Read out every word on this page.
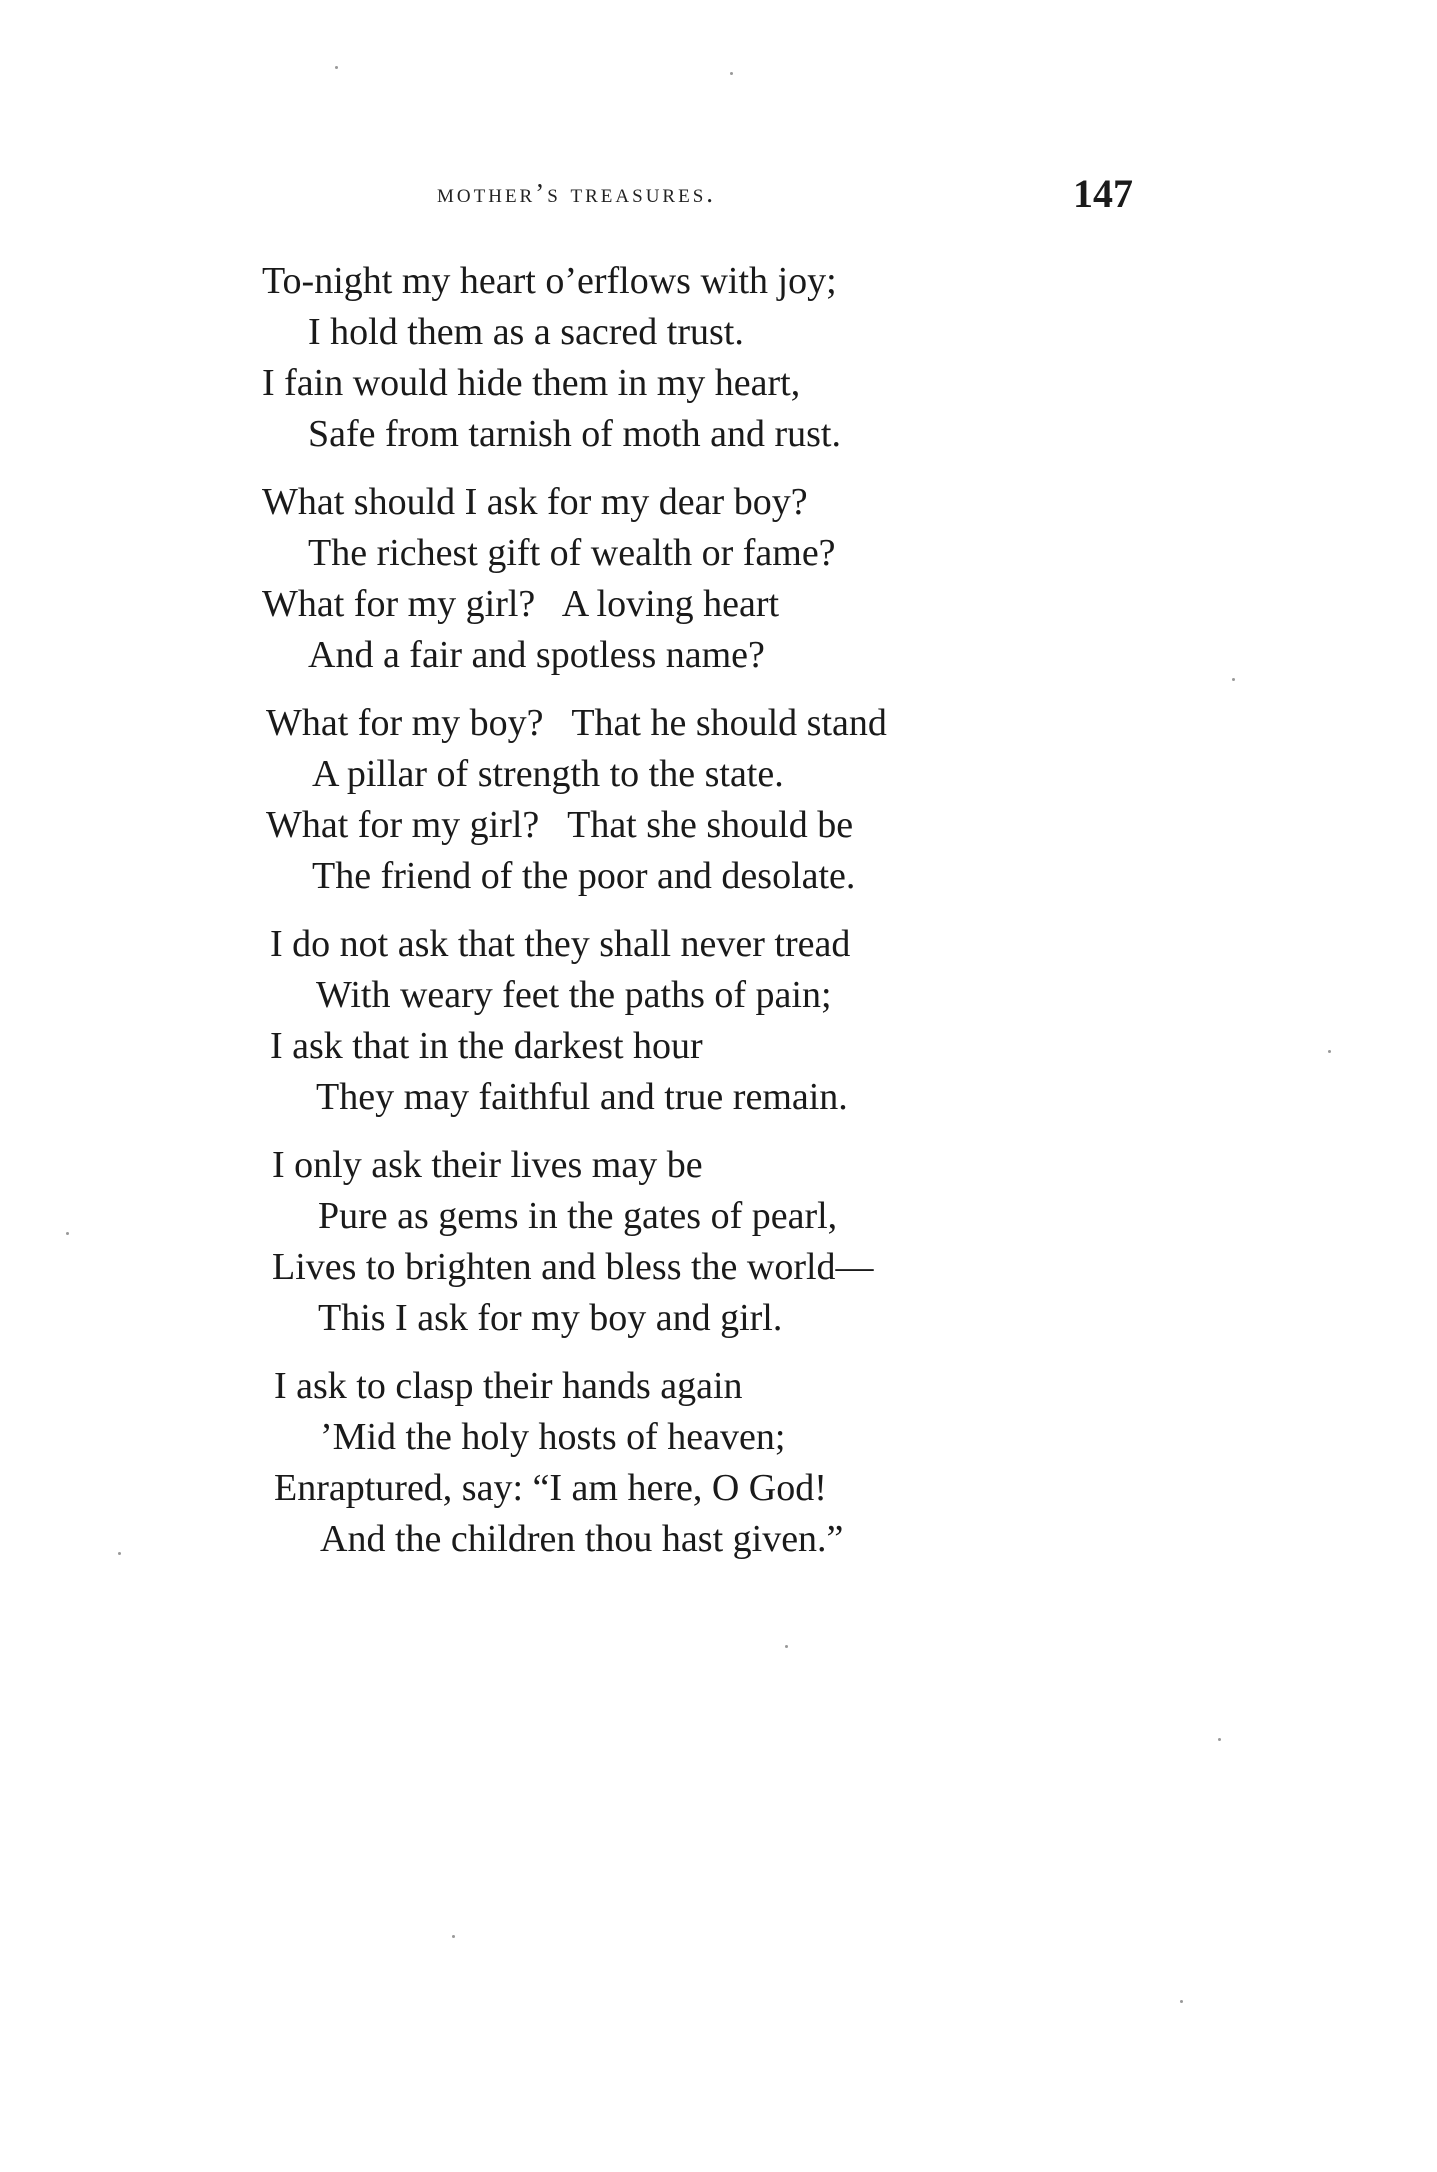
mother’s treasures.	147
To-night my heart o’erflows with joy;
I hold them as a sacred trust.
I fain would hide them in my heart,
Safe from tarnish of moth and rust.
What should I ask for my dear boy?
The richest gift of wealth or fame?
What for my girl?   A loving heart
And a fair and spotless name?
What for my boy?   That he should stand
A pillar of strength to the state.
What for my girl?   That she should be
The friend of the poor and desolate.
I do not ask that they shall never tread
With weary feet the paths of pain;
I ask that in the darkest hour
They may faithful and true remain.
I only ask their lives may be
Pure as gems in the gates of pearl,
Lives to brighten and bless the world—
This I ask for my boy and girl.
I ask to clasp their hands again
’Mid the holy hosts of heaven;
Enraptured, say: “I am here, O God!
And the children thou hast given.”
